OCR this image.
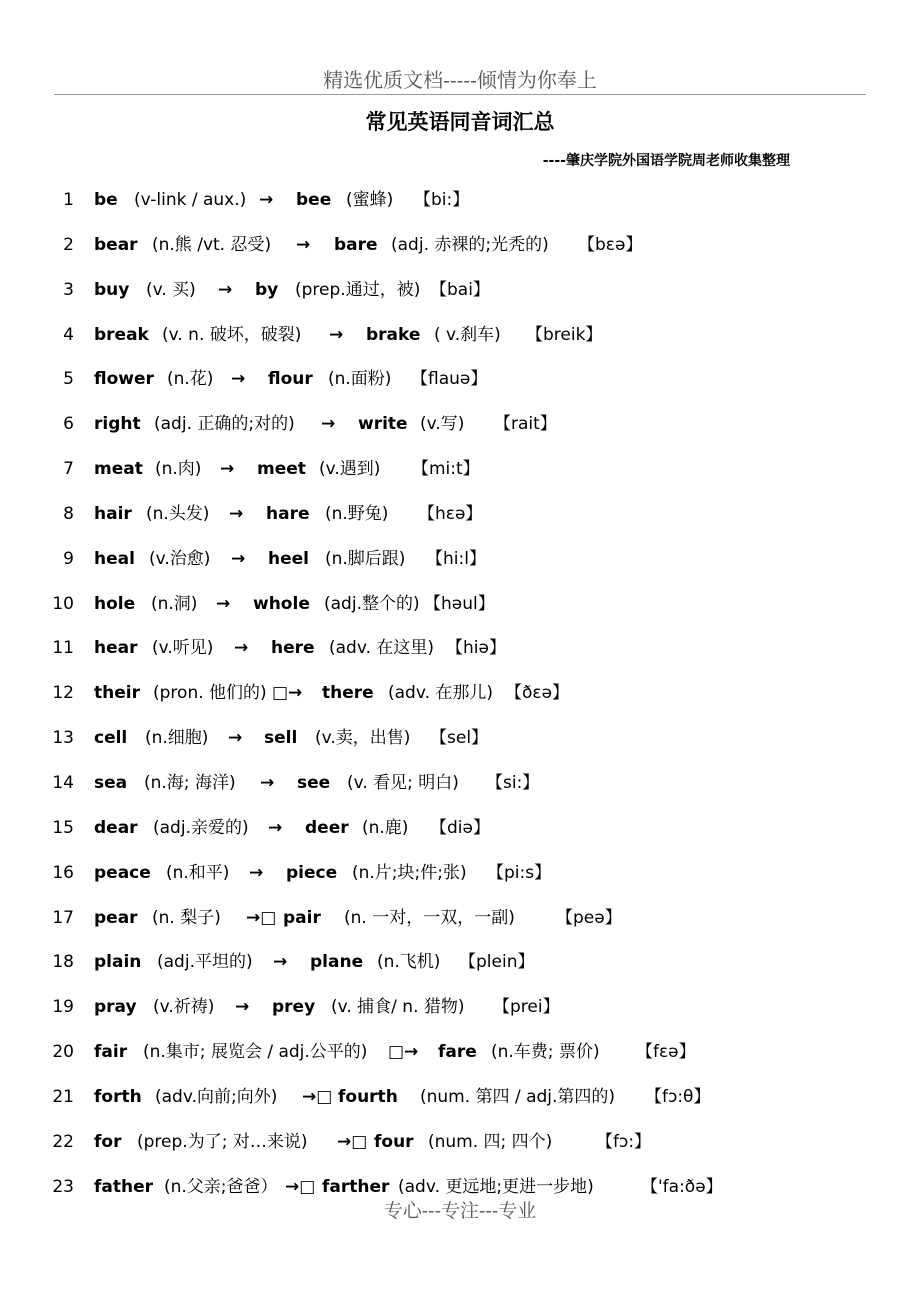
精选优质文档-----倾情为你奉上
常见英语同音词汇总
----肇庆学院外国语学院周老师收集整理
1 be (v-link / aux.) → bee (蜜蜂) 【bi:】
2 bear (n.熊 /vt. 忍受) → bare (adj. 赤裸的;光秃的) 【bɛə】
3 buy (v. 买) → by (prep.通过，被) 【bai】
4 break (v. n. 破坏，破裂) → brake ( v.刹车) 【breik】
5 flower (n.花) → flour (n.面粉) 【flauə】
6 right (adj. 正确的;对的) → write (v.写) 【rait】
7 meat (n.肉) → meet (v.遇到) 【mi:t】
8 hair (n.头发) → hare (n.野兔) 【hɛə】
9 heal (v.治愈) → heel (n.脚后跟) 【hi:l】
10 hole (n.洞) → whole (adj.整个的) 【həul】
11 hear (v.听见) → here (adv. 在这里) 【hiə】
12 their (pron. 他们的) □→ there (adv. 在那儿) 【ðɛə】
13 cell (n.细胞) → sell (v.卖，出售) 【sel】
14 sea (n.海; 海洋) → see (v. 看见; 明白) 【si:】
15 dear (adj.亲爱的) → deer (n.鹿) 【diə】
16 peace (n.和平) → piece (n.片;块;件;张) 【pi:s】
17 pear (n. 梨子) →□ pair (n. 一对，一双，一副) 【peə】
18 plain (adj.平坦的) → plane (n.飞机) 【plein】
19 pray (v.祈祷) → prey (v. 捕食/ n. 猎物) 【prei】
20 fair (n.集市; 展览会 / adj.公平的) □→ fare (n.车费; 票价) 【fɛə】
21 forth (adv.向前;向外) →□ fourth (num. 第四 / adj.第四的) 【fɔ:θ】
22 for (prep.为了; 对…来说) →□ four (num. 四; 四个)	【fɔ:】
23 father (n.父亲;爸爸） →□ farther (adv. 更远地;更进一步地)	【'fa:ðə】
专心---专注---专业
